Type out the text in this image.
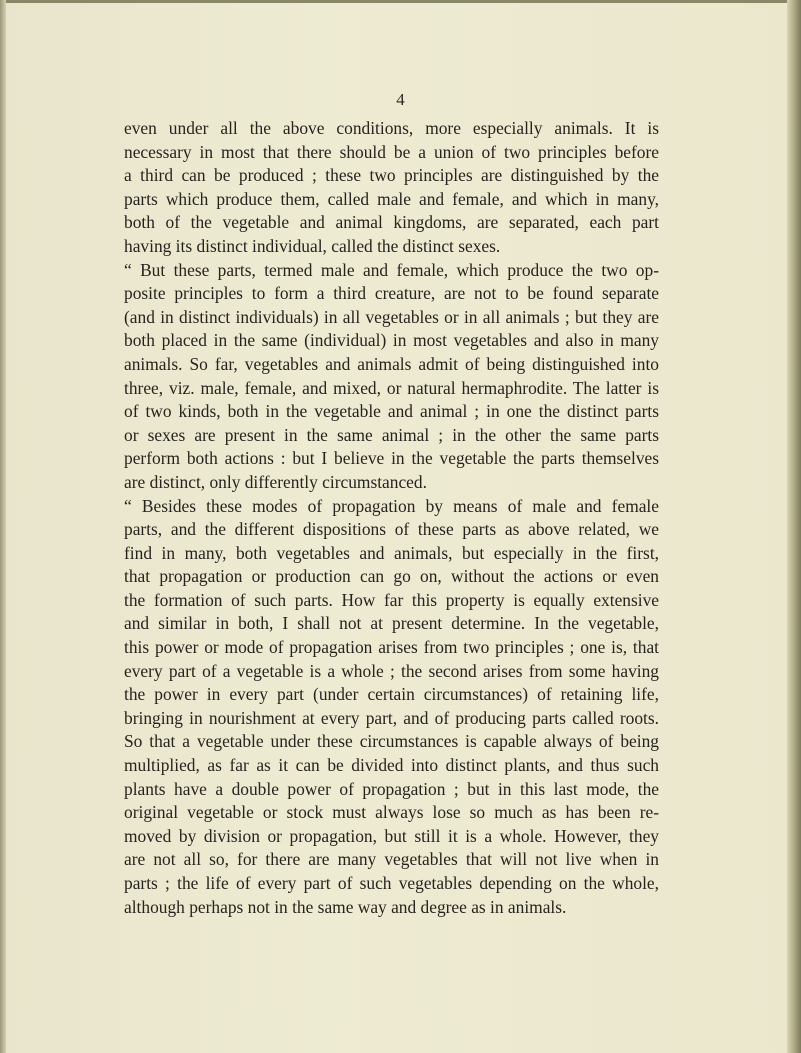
4
even under all the above conditions, more especially animals. It is
necessary in most that there should be a union of two principles before
a third can be produced ; these two principles are distinguished by the
parts which produce them, called male and female, and which in many,
both of the vegetable and animal kingdoms, are separated, each part
having its distinct individual, called the distinct sexes.
“ But these parts, termed male and female, which produce the two op-
posite principles to form a third creature, are not to be found separate
(and in distinct individuals) in all vegetables or in all animals ; but they are
both placed in the same (individual) in most vegetables and also in many
animals. So far, vegetables and animals admit of being distinguished into
three, viz. male, female, and mixed, or natural hermaphrodite. The latter is
of two kinds, both in the vegetable and animal ; in one the distinct parts
or sexes are present in the same animal ; in the other the same parts
perform both actions : but I believe in the vegetable the parts themselves
are distinct, only differently circumstanced.
“ Besides these modes of propagation by means of male and female
parts, and the different dispositions of these parts as above related, we
find in many, both vegetables and animals, but especially in the first,
that propagation or production can go on, without the actions or even
the formation of such parts. How far this property is equally extensive
and similar in both, I shall not at present determine. In the vegetable,
this power or mode of propagation arises from two principles ; one is, that
every part of a vegetable is a whole ; the second arises from some having
the power in every part (under certain circumstances) of retaining life,
bringing in nourishment at every part, and of producing parts called roots.
So that a vegetable under these circumstances is capable always of being
multiplied, as far as it can be divided into distinct plants, and thus such
plants have a double power of propagation ; but in this last mode, the
original vegetable or stock must always lose so much as has been re-
moved by division or propagation, but still it is a whole. However, they
are not all so, for there are many vegetables that will not live when in
parts ; the life of every part of such vegetables depending on the whole,
although perhaps not in the same way and degree as in animals.
